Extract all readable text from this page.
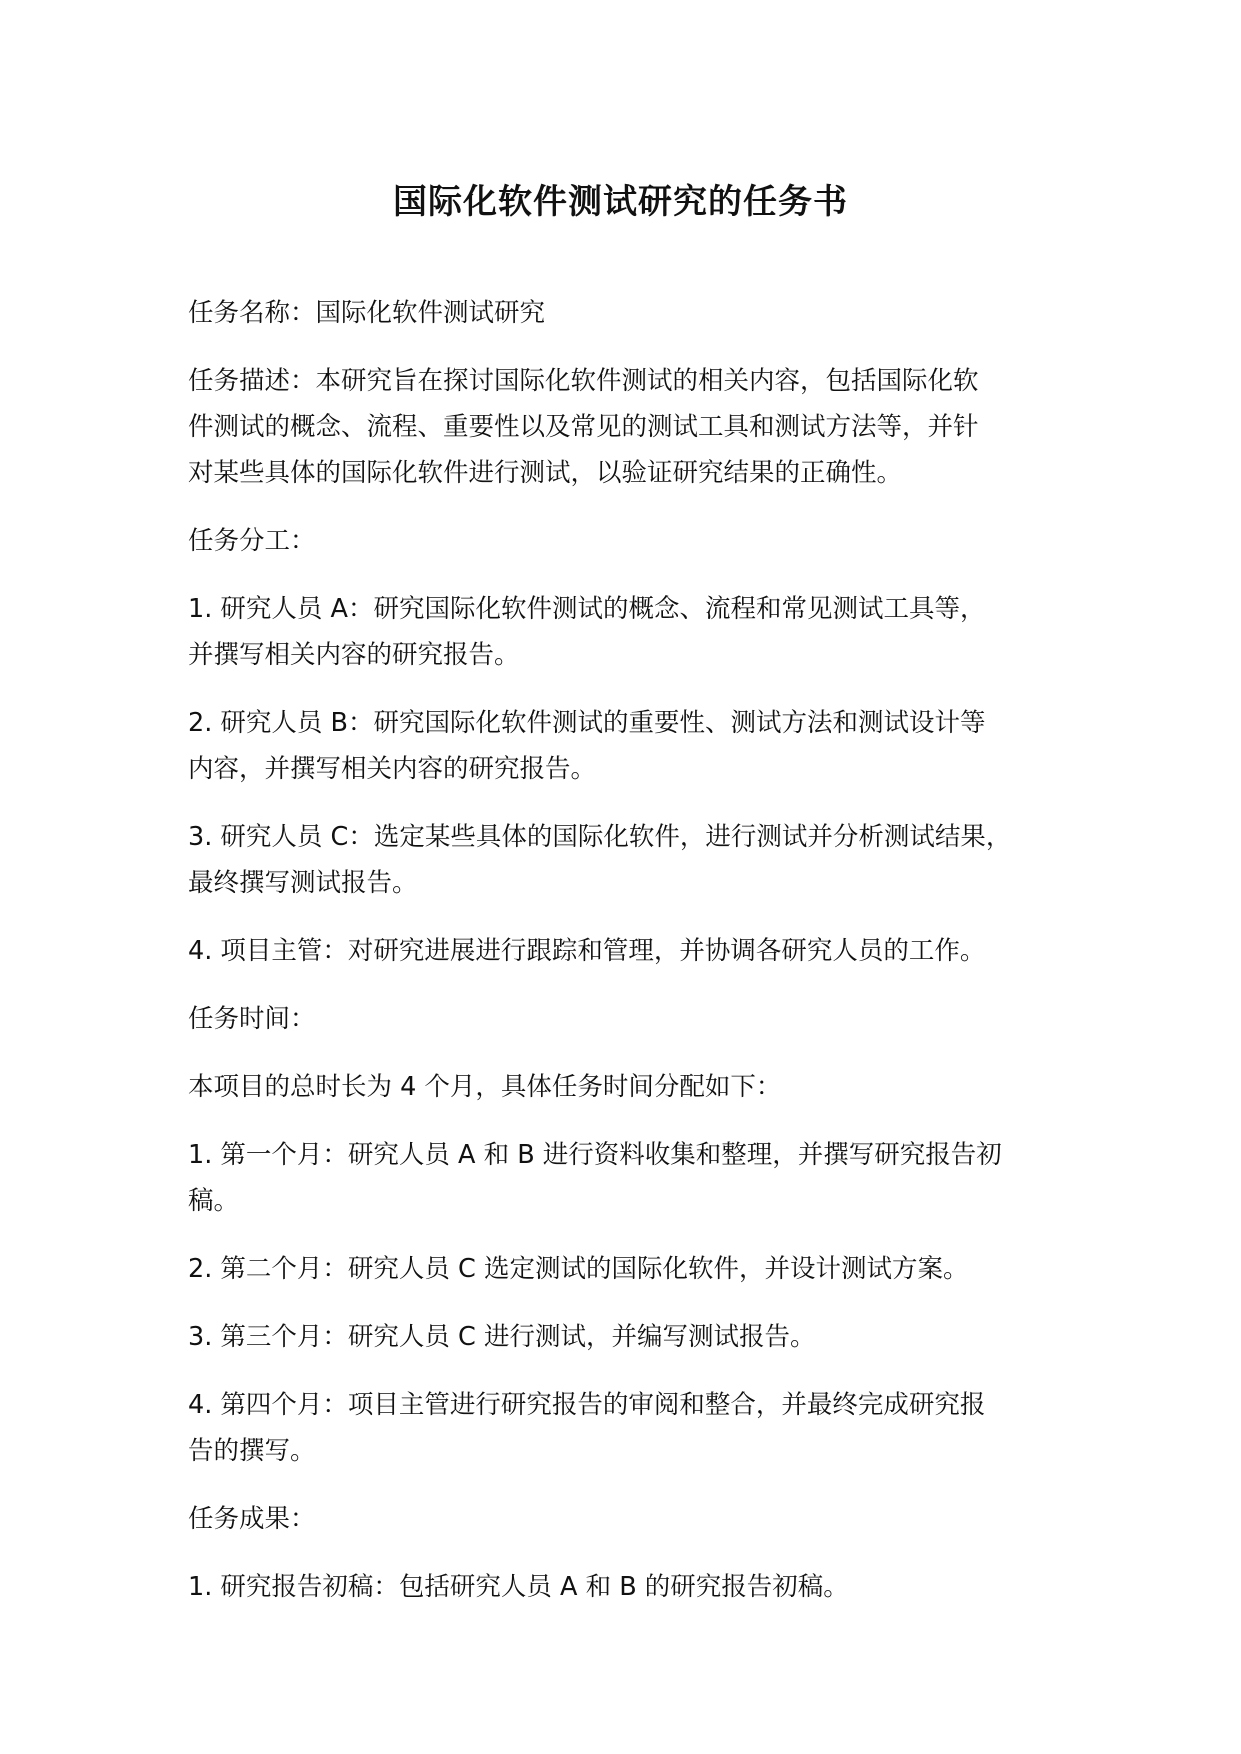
国际化软件测试研究的任务书

任务名称：国际化软件测试研究

任务描述：本研究旨在探讨国际化软件测试的相关内容，包括国际化软
件测试的概念、流程、重要性以及常见的测试工具和测试方法等，并针
对某些具体的国际化软件进行测试，以验证研究结果的正确性。

任务分工：

1. 研究人员 A：研究国际化软件测试的概念、流程和常见测试工具等，
并撰写相关内容的研究报告。

2. 研究人员 B：研究国际化软件测试的重要性、测试方法和测试设计等
内容，并撰写相关内容的研究报告。

3. 研究人员 C：选定某些具体的国际化软件，进行测试并分析测试结果，
最终撰写测试报告。

4. 项目主管：对研究进展进行跟踪和管理，并协调各研究人员的工作。

任务时间：

本项目的总时长为 4 个月，具体任务时间分配如下：

1. 第一个月：研究人员 A 和 B 进行资料收集和整理，并撰写研究报告初
稿。

2. 第二个月：研究人员 C 选定测试的国际化软件，并设计测试方案。

3. 第三个月：研究人员 C 进行测试，并编写测试报告。

4. 第四个月：项目主管进行研究报告的审阅和整合，并最终完成研究报
告的撰写。

任务成果：

1. 研究报告初稿：包括研究人员 A 和 B 的研究报告初稿。
